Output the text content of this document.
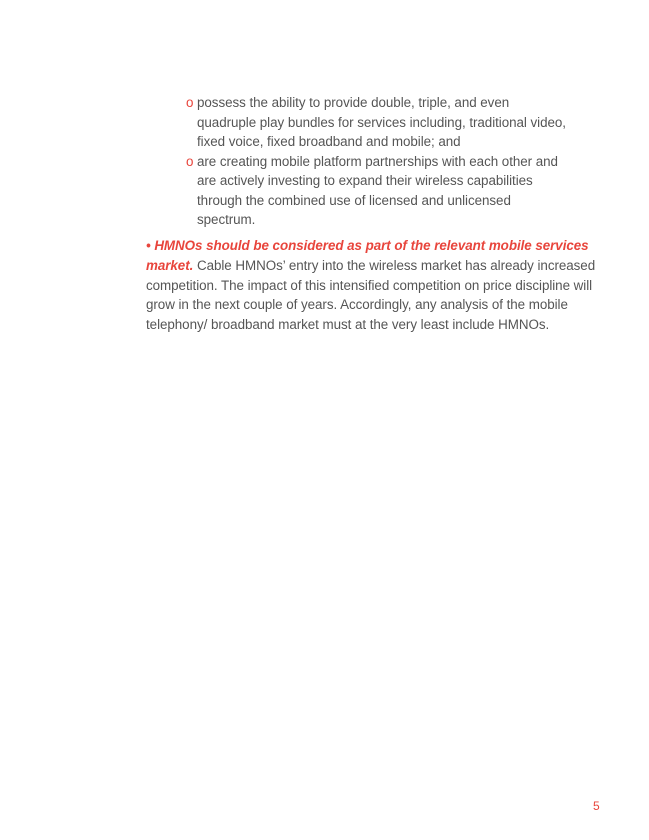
o possess the ability to provide double, triple, and even quadruple play bundles for services including, traditional video, fixed voice, fixed broadband and mobile; and
o are creating mobile platform partnerships with each other and are actively investing to expand their wireless capabilities through the combined use of licensed and unlicensed spectrum.

• HMNOs should be considered as part of the relevant mobile services market. Cable HMNOs’ entry into the wireless market has already increased competition. The impact of this intensified competition on price discipline will grow in the next couple of years. Accordingly, any analysis of the mobile telephony/ broadband market must at the very least include HMNOs.

5
